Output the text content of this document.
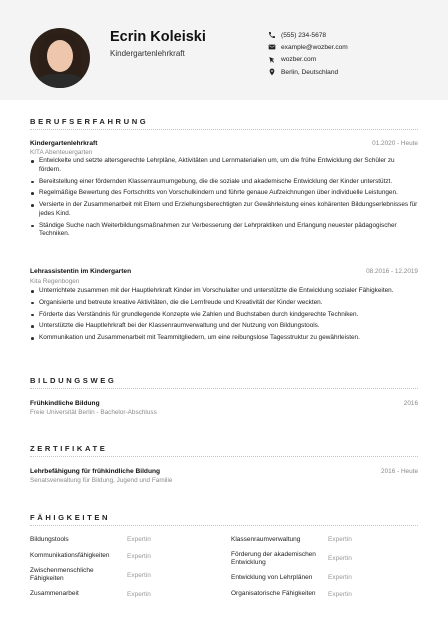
Ecrin Koleiski
Kindergartenlehrkraft
(555) 234-5678
example@wozber.com
wozber.com
Berlin, Deutschland
BERUFSERFAHRUNG
Kindergartenlehrkraft	01.2020 - Heute
KITA Abenteuergarten
Entwickelte und setzte altersgerechte Lehrpläne, Aktivitäten und Lernmaterialien um, um die frühe Entwicklung der Schüler zu fördern.
Bereitstellung einer fördernden Klassenraumumgebung, die die soziale und akademische Entwicklung der Kinder unterstützt.
Regelmäßige Bewertung des Fortschritts von Vorschulkindern und führte genaue Aufzeichnungen über individuelle Leistungen.
Versierte in der Zusammenarbeit mit Eltern und Erziehungsberechtigten zur Gewährleistung eines kohärenten Bildungserlebnisses für jedes Kind.
Ständige Suche nach Weiterbildungsmaßnahmen zur Verbesserung der Lehrpraktiken und Erlangung neuester pädagogischer Techniken.
Lehrassistentin im Kindergarten	08.2016 - 12.2019
Kita Regenbogen
Unterrichtete zusammen mit der Hauptlehrkraft Kinder im Vorschulalter und unterstützte die Entwicklung sozialer Fähigkeiten.
Organisierte und betreute kreative Aktivitäten, die die Lernfreude und Kreativität der Kinder weckten.
Förderte das Verständnis für grundlegende Konzepte wie Zahlen und Buchstaben durch kindgerechte Techniken.
Unterstützte die Hauptlehrkraft bei der Klassenraumverwaltung und der Nutzung von Bildungstools.
Kommunikation und Zusammenarbeit mit Teammitgliedern, um eine reibungslose Tagesstruktur zu gewährleisten.
BILDUNGSWEG
Frühkindliche Bildung	2016
Freie Universität Berlin - Bachelor-Abschluss
ZERTIFIKATE
Lehrbefähigung für frühkindliche Bildung	2016 - Heute
Senatsverwaltung für Bildung, Jugend und Familie
FÄHIGKEITEN
Bildungstools	Expertin
Kommunikationsfähigkeiten	Expertin
Zwischenmenschliche Fähigkeiten	Expertin
Zusammenarbeit	Expertin
Klassenraumverwaltung	Expertin
Förderung der akademischen Entwicklung	Expertin
Entwicklung von Lehrplänen	Expertin
Organisatorische Fähigkeiten	Expertin
